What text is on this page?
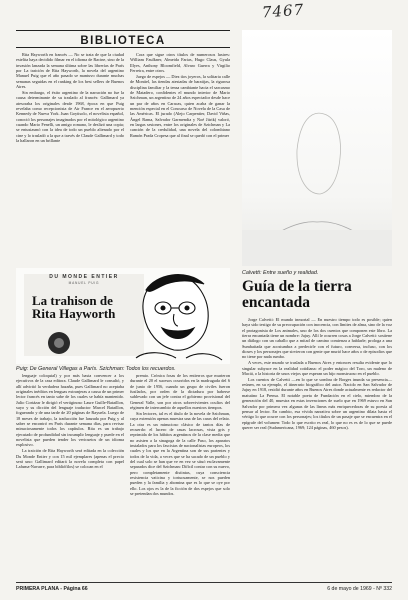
7467
BIBLIOTECA

Rita Hayworth en francés — No se trata de que la ciudad estelita haya decidido filmar en el idioma de Racine, sino de la invasión lanzada la semana última sobre las librerías de París por La traición de Rita Hayworth, la novela del argentino Manuel Puig que el año pasado se mantuvo durante muchas semanas seguidas en el ranking de los best sellers de Buenos Aires.

Sin embargo, el éxito argentino de la narración no fue la causa determinante de su traslado al francés: Gallimard ya atesoraba los originales desde 1968, época en que Puig revelaba como recepcionista de Air France en el aeropuerto Kennedy de Nueva York. Juan Goytisolo, el novelista español, conoció los personajes imaginados por el mitológico argentino cuando Mario Fenelli, un amigo romano, le deslizó una copia; se entusiasmó con la idea de todo un pueblo alienado por el cine y lo trasladó a la que a través de Claude Gallimard y todo la hallaron en un brillante

Cora que sigue otros títulos de numerosos lustres: William Faulkner, Almeida Farias, Hugo Claus, Gyula Illyes, Anthony Bloomfield, Alvaro Guerra y Virgilio Ferreira, entre otros.

Juego de espejos — Diez tíos joyeros, la solitaria calle de Montiel, las tiendas atestadas de baratijas, la rigurosa disciplina familiar y la tensa cambiante hacia el sarcasmo de Matadero, confidentes el mundo interior de Mario Szichman, un argentino de 24 años espectador desde hace un par de años en Caracas, quien acaba de ganar la mención especial en el Concurso de Novela de la Casa de las Américas. El jurado (Alejo Carpentier, David Viñas, Ángel Rama, Salvador Garmendia y Noé Jitrik) valoró, en largas sesiones, entre los originales de Szichman y La canción de la credulidad, una novela del colombiano Ramón Prada Cropesa que al final se quedó con el primer

DU MONDE ENTIER
MANUEL PUIG
La trahison de Rita Hayworth
Puig: De General Villegas a París. Szichman: Todos los recuerdos.

lenguaje coloquial) y por más basta convencer a los ejecutivos de la casa editora. Claude Gallimard le consultó, y allí advirtió la verdadera hazaña, pues Gallimard no aceptaba originales inéditos en lenguas extranjeras a causa de un primer lector francés en tanto sabe de los cuales se había mantenido. Julio Cortázar le dirigió el vertiginoso Laure Guille-Bataillon, suyo y su dicción del lenguaje traductor Marcel Bataillon, fogueando y de una tarde de 20 páginas de Rayuela. Luego de 18 meses de trabajo, la traducción fue lanzada por Puig y al saber se encontró en París durante semana días, para revisar minuciosamente todos los capítulos. Rita es un trabajo ejecutado de profundidad sin incumplir lenguaje y puede en el novelista que pueden tender los vericuetos de un idioma explosivo.

La traición de Rita Hayworth será editada en la colección Du Monde Entier y con 15 mil ejemplares (apenas el precio será uno: Gallimard editará la novela completa con papel Lafuma-Navarre, para bibliófilos) se colocan en el

premio. Crónica fosas de los entierros que murieron durante el 20 el sucesos ocurridos en la madrugada del 6 de junio de 1956, cuando un grupo de civiles fueron fusilados, por orden de la dictadura por haberse sublevado con un jefe contra el gobierno provisional del General Valle, son por otros sobrevivientes ocultos del régimen de intercambio de aquellos nuestros tiempos.

Sin lectores, tal es el título de la novela de Szichman, cuya extensión apenas muestra una de las caras del relato. La otra es un minucioso clásico de tantos días de recuerdo: el lucero de casas lacrosas, vista gris y reprimida de los hábitos argentinos de la clase media que no asisten a la sinagoga de la calle Paso, los aparatos instalados para los fascistas de nacionalistas europeos, los cuales y los que en la Argentina son de sus parientes y todos de la vida, a veces que se ha sacado de un pueblo y del cual solo se han que ve en vez se situó esclavamente separados dice del Szichman: Difícil contar con su nuevo, pero completamente distintas, cuya consciencia resistencia vaticina y tortuosamente, se nos pueden pueden y la familia y abomina que es lo que se oye por ello. Los ojos es la de la ficción de dos espejos que solo se pretendan dos mundos.

Calvetti: Entre sueño y realidad.
Guía de la tierra encantada

Jorge Calvetti: El mundo inmortal — En nuestro tiempo todo es posible; quien haya sido testigo de su preocupación con inocencia, con límites de alma, sino de la voz el protagonista de Los animales, uno de los dos cuentos que componen este libro. La tierra encantada tiene un nombre: Jujuy. Allí le ocurren cosas a Jorge Calvetti: sostiene un diálogo con un caballo que a mitad de camino comienza a hablarle; prologa a una Sumbaitada que acostumbra a predecirle con el futuro, conversa, incluso, con los dioses y los personajes que sirvieron con gente que murió hace años o de episodios que no tiene por nada rumbo.

A veces, este mundo se traslada a Buenos Aires y entonces resulta evidente que lo singular subyace en la realidad cotidiana: el poder mágico del Toro, un maleno de Maciá, o la historia de unos viejos que esperan un hijo monstruoso en el pueblo.

Los cuentos de Calvetti —en lo que se sombra de Borges inunda su presencia— reúnen, en su ejemplo, el itinerario biográfico del autor. Nacido en San Salvador de Jujuy en 1918, residió durante años en Buenos Aires donde actualmente es redactor del matutino La Prensa. El notable poeta de Fundación en el cielo, miembro de la generación del 40, muestra en estas invenciones de suelo que en 1969 estuvo en San Salvador por primera vez algunas de las líneas más enriquecedoras de su poesía al pensar al lector. En cambio, esa vívida narrativa sobre un argentino dilata hasta el vértigo lo que ocurre con los personajes; los títulos de un pasaje que se encuentra en el epígrafe del volumen: Todo lo que escrito es real, lo que no es es de lo que se puede querer ser real (Sudamericana, 1969; 124 páginas, 460 pesos).

PRIMERA PLANA - Página 66	6 de mayo de 1969 - Nº 332
